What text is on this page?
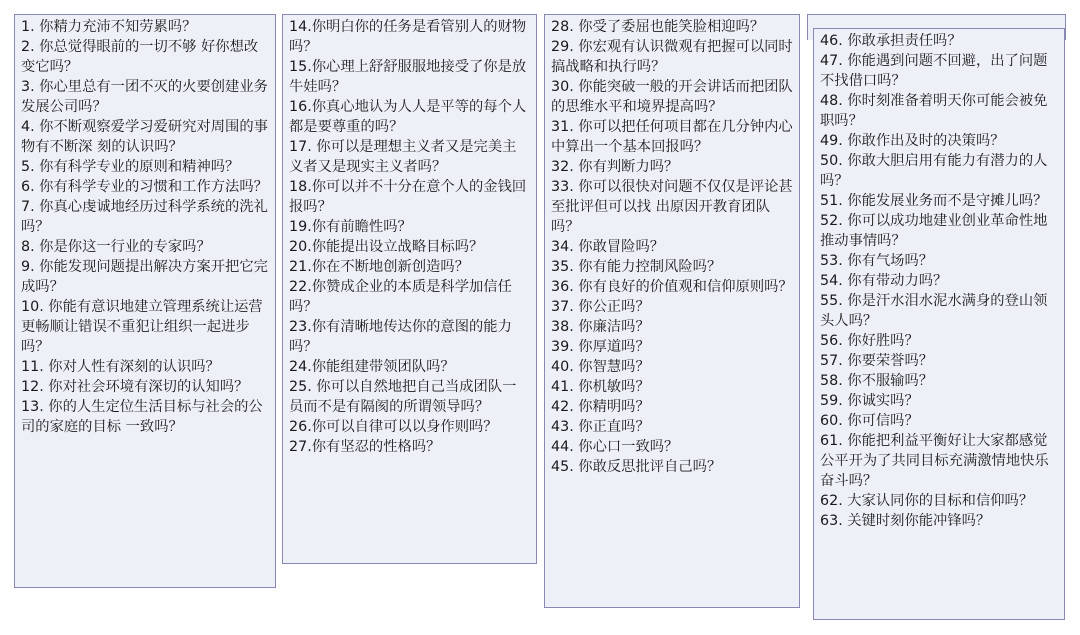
1. 你精力充沛不知劳累吗？

2. 你总觉得眼前的一切不够 好你想改变它吗？

3. 你心里总有一团不灭的火要创建业务发展公司吗？

4. 你不断观察爱学习爱研究对周围的事物有不断深 刻的认识吗？

5. 你有科学专业的原则和精神吗？

6. 你有科学专业的习惯和工作方法吗？

7. 你真心虔诚地经历过科学系统的洗礼吗？

8. 你是你这一行业的专家吗？

9. 你能发现问题提出解决方案开把它完成吗？

10. 你能有意识地建立管理系统让运营更畅顺让错误不重犯让组织一起进步吗？

11. 你对人性有深刻的认识吗？

12. 你对社会环境有深切的认知吗？

13. 你的人生定位生活目标与社会的公司的家庭的目标 一致吗？

14.你明白你的任务是看管别人的财物吗？

15.你心理上舒舒服服地接受了你是放牛娃吗？

16.你真心地认为人人是平等的每个人都是要尊重的吗？

17. 你可以是理想主义者又是完美主义者又是现实主义者吗？

18.你可以并不十分在意个人的金钱回报吗？

19.你有前瞻性吗？

20.你能提出设立战略目标吗？

21.你在不断地创新创造吗？

22.你赞成企业的本质是科学加信任吗？

23.你有清晰地传达你的意图的能力吗？

24.你能组建带领团队吗？

25. 你可以自然地把自己当成团队一员而不是有隔阂的所谓领导吗？

26.你可以自律可以以身作则吗？

27.你有坚忍的性格吗？

28. 你受了委屈也能笑脸相迎吗？

29. 你宏观有认识微观有把握可以同时搞战略和执行吗？

30. 你能突破一般的开会讲话而把团队的思维水平和境界提高吗？

31. 你可以把任何项目都在几分钟内心中算出一个基本回报吗？

32. 你有判断力吗？

33. 你可以很快对问题不仅仅是评论甚至批评但可以找 出原因开教育团队吗？

34. 你敢冒险吗？

35. 你有能力控制风险吗？

36. 你有良好的价值观和信仰原则吗？

37. 你公正吗？

38. 你廉洁吗？

39. 你厚道吗？

40. 你智慧吗？

41. 你机敏吗？

42. 你精明吗？

43. 你正直吗？

44. 你心口一致吗？

45. 你敢反思批评自己吗？

46. 你敢承担责任吗？

47. 你能遇到问题不回避，出了问题不找借口吗？

48. 你时刻准备着明天你可能会被免职吗？

49. 你敢作出及时的决策吗？

50. 你敢大胆启用有能力有潜力的人吗？

51. 你能发展业务而不是守摊儿吗？

52. 你可以成功地建业创业革命性地推动事情吗？

53. 你有气场吗？

54. 你有带动力吗？

55. 你是汗水泪水泥水满身的登山领头人吗？

56. 你好胜吗？

57. 你要荣誉吗？

58. 你不服输吗？

59. 你诚实吗？

60. 你可信吗？

61. 你能把利益平衡好让大家都感觉公平开为了共同目标充满激情地快乐奋斗吗？

62. 大家认同你的目标和信仰吗？

63. 关键时刻你能冲锋吗？
